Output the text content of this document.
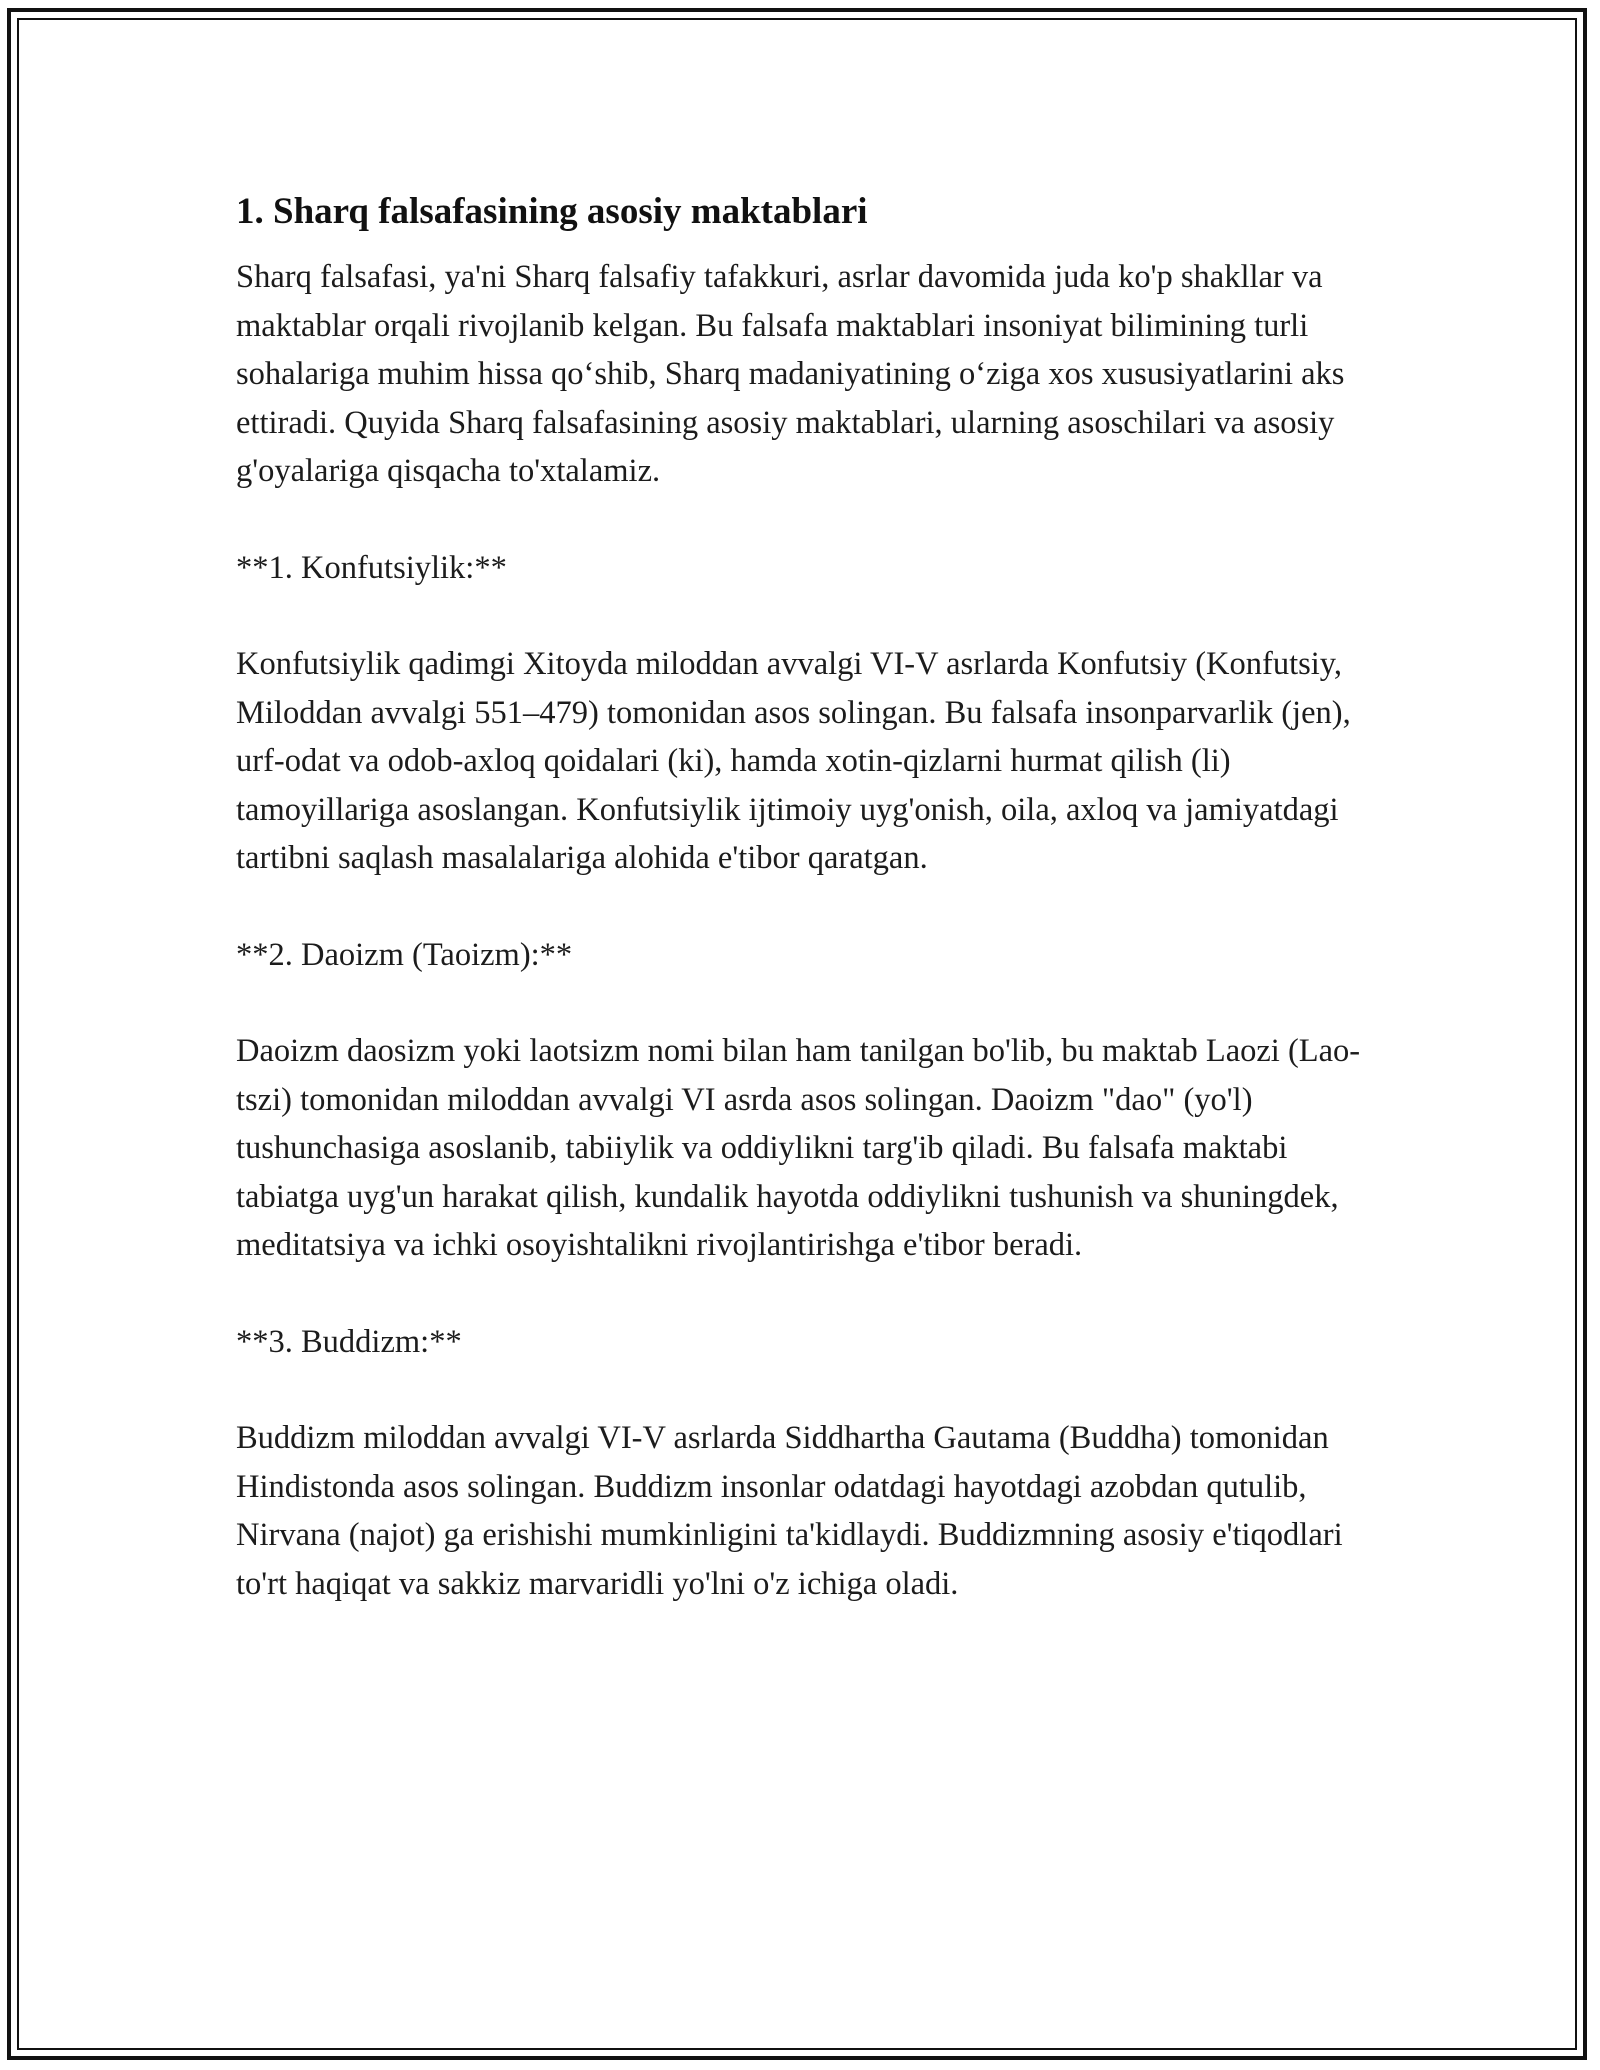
1. Sharq falsafasining asosiy maktablari

Sharq falsafasi, ya'ni Sharq falsafiy tafakkuri, asrlar davomida juda ko'p shakllar va maktablar orqali rivojlanib kelgan. Bu falsafa maktablari insoniyat bilimining turli sohalariga muhim hissa qo‘shib, Sharq madaniyatining o‘ziga xos xususiyatlarini aks ettiradi. Quyida Sharq falsafasining asosiy maktablari, ularning asoschilari va asosiy g'oyalariga qisqacha to'xtalamiz.

**1. Konfutsiylik:**

Konfutsiylik qadimgi Xitoyda miloddan avvalgi VI-V asrlarda Konfutsiy (Konfutsiy, Miloddan avvalgi 551–479) tomonidan asos solingan. Bu falsafa insonparvarlik (jen), urf-odat va odob-axloq qoidalari (ki), hamda xotin-qizlarni hurmat qilish (li) tamoyillariga asoslangan. Konfutsiylik ijtimoiy uyg'onish, oila, axloq va jamiyatdagi tartibni saqlash masalalariga alohida e'tibor qaratgan.

**2. Daoizm (Taoizm):**

Daoizm daosizm yoki laotsizm nomi bilan ham tanilgan bo'lib, bu maktab Laozi (Lao-tszi) tomonidan miloddan avvalgi VI asrda asos solingan. Daoizm "dao" (yo'l) tushunchasiga asoslanib, tabiiylik va oddiylikni targ'ib qiladi. Bu falsafa maktabi tabiatga uyg'un harakat qilish, kundalik hayotda oddiylikni tushunish va shuningdek, meditatsiya va ichki osoyishtalikni rivojlantirishga e'tibor beradi.

**3. Buddizm:**

Buddizm miloddan avvalgi VI-V asrlarda Siddhartha Gautama (Buddha) tomonidan Hindistonda asos solingan. Buddizm insonlar odatdagi hayotdagi azobdan qutulib, Nirvana (najot) ga erishishi mumkinligini ta'kidlaydi. Buddizmning asosiy e'tiqodlari to'rt haqiqat va sakkiz marvaridli yo'lni o'z ichiga oladi.
